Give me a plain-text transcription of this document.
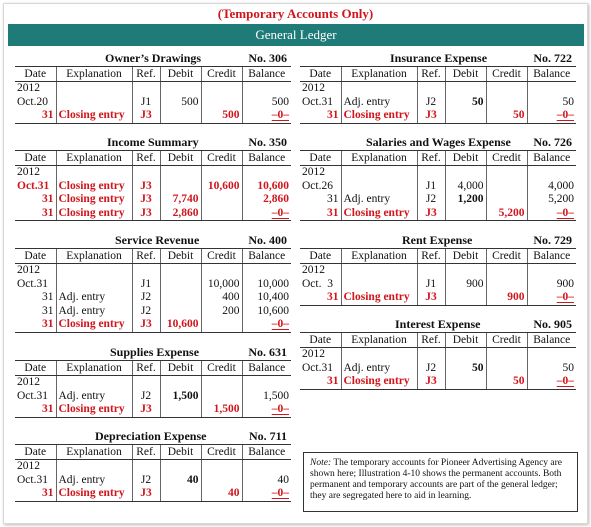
(Temporary Accounts Only)
General Ledger
Owner’s Drawings	No. 306
Date	Explanation	Ref.	Debit	Credit	Balance
2012					
Oct.20		J1	500		500
31	Closing entry	J3		500	–0–
Income Summary	No. 350
Date	Explanation	Ref.	Debit	Credit	Balance
2012					
Oct.31	Closing entry	J3		10,600	10,600
31	Closing entry	J3	7,740		2,860
31	Closing entry	J3	2,860		–0–
Service Revenue	No. 400
Date	Explanation	Ref.	Debit	Credit	Balance
2012					
Oct.31		J1		10,000	10,000
31	Adj. entry	J2		400	10,400
31	Adj. entry	J2		200	10,600
31	Closing entry	J3	10,600		–0–
Supplies Expense	No. 631
Date	Explanation	Ref.	Debit	Credit	Balance
2012					
Oct.31	Adj. entry	J2	1,500		1,500
31	Closing entry	J3		1,500	–0–
Depreciation Expense	No. 711
Date	Explanation	Ref.	Debit	Credit	Balance
2012					
Oct.31	Adj. entry	J2	40		40
31	Closing entry	J3		40	–0–
Insurance Expense	No. 722
Date	Explanation	Ref.	Debit	Credit	Balance
2012					
Oct.31	Adj. entry	J2	50		50
31	Closing entry	J3		50	–0–
Salaries and Wages Expense No. 726
Date	Explanation	Ref.	Debit	Credit	Balance
2012					
Oct.26		J1	4,000		4,000
31	Adj. entry	J2	1,200		5,200
31	Closing entry	J3		5,200	–0–
Rent Expense	No. 729
Date	Explanation	Ref.	Debit	Credit	Balance
2012					
Oct.  3		J1	900		900
31	Closing entry	J3		900	–0–
Interest Expense	No. 905
Date	Explanation	Ref.	Debit	Credit	Balance
2012					
Oct.31	Adj. entry	J2	50		50
31	Closing entry	J3		50	–0–
Note: The temporary accounts for Pioneer Advertising Agency are shown here; Illustration 4-10 shows the permanent accounts. Both permanent and temporary accounts are part of the general ledger; they are segregated here to aid in learning.
